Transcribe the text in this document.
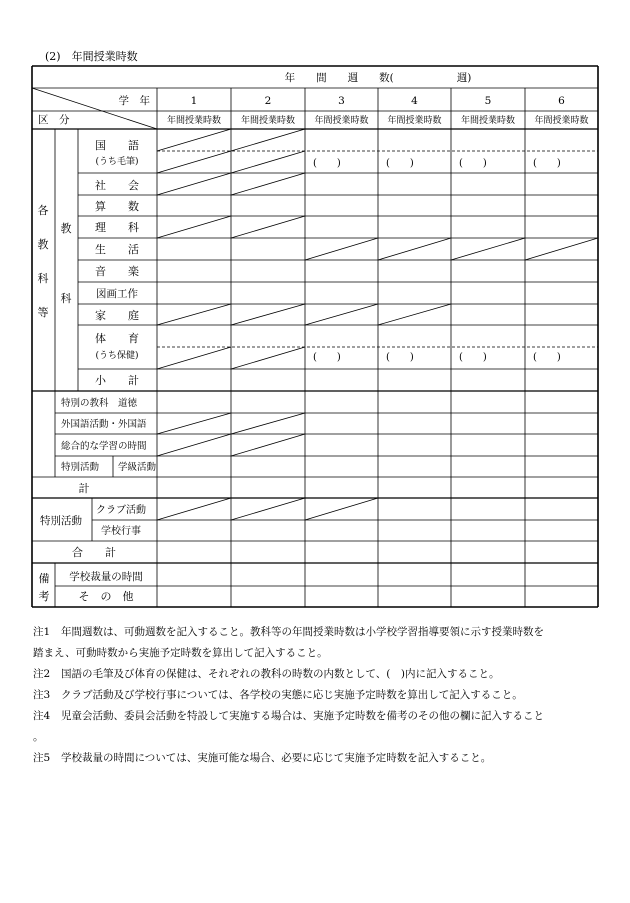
(2)　年間授業時数
年　　間　　週　　数(　　　　　　週)
学　年
区　分
1
年間授業時数
2
年間授業時数
3
年間授業時数
4
年間授業時数
5
年間授業時数
6
年間授業時数
各教科等
教科
国　　語
(うち毛筆)
社　　会
算　　数
理　　科
生　　活
音　　楽
図画工作
家　　庭
体　　育
(うち保健)
小　　計
(　　)
(　　)
(　　)
(　　)
(　　)
(　　)
(　　)
(　　)
特別の教科　道徳
外国語活動・外国語
総合的な学習の時間
特別活動 学級活動
計
特別活動
クラブ活動
学校行事
合　　計
備考
学校裁量の時間
そ　の　他
注1 年間週数は、可動週数を記入すること。教科等の年間授業時数は小学校学習指導要領に示す授業時数を
踏まえ、可動時数から実施予定時数を算出して記入すること。
注2 国語の毛筆及び体育の保健は、それぞれの教科の時数の内数として、(　)内に記入すること。
注3 クラブ活動及び学校行事については、各学校の実態に応じ実施予定時数を算出して記入すること。
注4 児童会活動、委員会活動を特設して実施する場合は、実施予定時数を備考のその他の欄に記入すること
。
注5 学校裁量の時間については、実施可能な場合、必要に応じて実施予定時数を記入すること。
